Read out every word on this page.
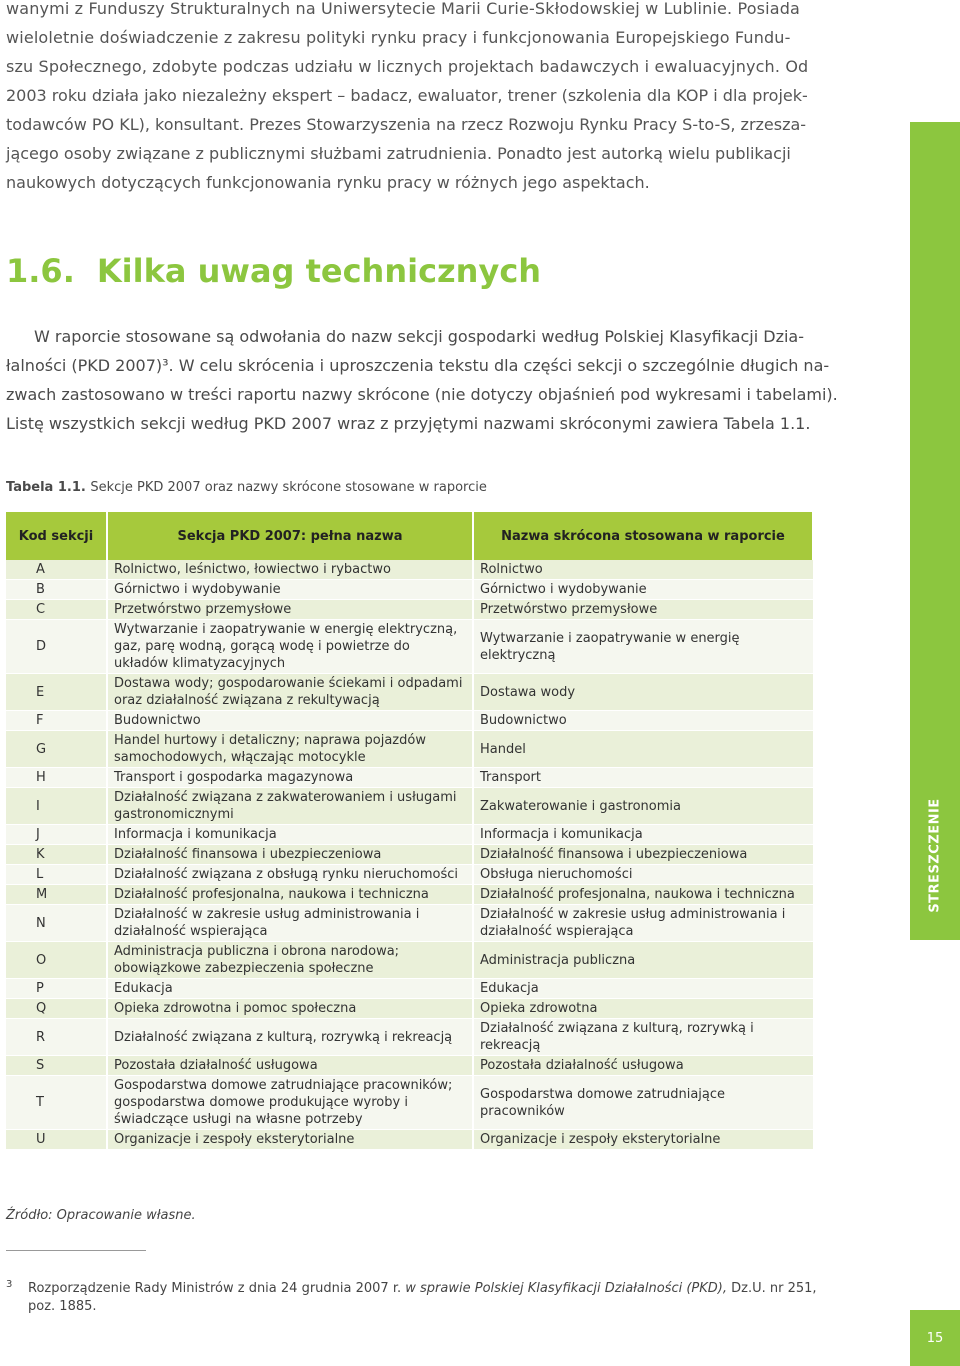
STRESZCZENIE

wanymi z Funduszy Strukturalnych na Uniwersytecie Marii Curie-Skłodowskiej w Lublinie. Posiada
wieloletnie doświadczenie z zakresu polityki rynku pracy i funkcjonowania Europejskiego Fundu-
szu Społecznego, zdobyte podczas udziału w licznych projektach badawczych i ewaluacyjnych. Od
2003 roku działa jako niezależny ekspert – badacz, ewaluator, trener (szkolenia dla KOP i dla projek-
todawców PO KL), konsultant. Prezes Stowarzyszenia na rzecz Rozwoju Rynku Pracy S-to-S, zrzesza-
jącego osoby związane z publicznymi służbami zatrudnienia. Ponadto jest autorką wielu publikacji
naukowych dotyczących funkcjonowania rynku pracy w różnych jego aspektach.

1.6. Kilka uwag technicznych

W raporcie stosowane są odwołania do nazw sekcji gospodarki według Polskiej Klasyfikacji Dzia-
łalności (PKD 2007)³. W celu skrócenia i uproszczenia tekstu dla części sekcji o szczególnie długich na-
zwach zastosowano w treści raportu nazwy skrócone (nie dotyczy objaśnień pod wykresami i tabelami).
Listę wszystkich sekcji według PKD 2007 wraz z przyjętymi nazwami skróconymi zawiera Tabela 1.1.

Tabela 1.1. Sekcje PKD 2007 oraz nazwy skrócone stosowane w raporcie

Kod sekcji	Sekcja PKD 2007: pełna nazwa	Nazwa skrócona stosowana w raporcie
A	Rolnictwo, leśnictwo, łowiectwo i rybactwo	Rolnictwo
B	Górnictwo i wydobywanie	Górnictwo i wydobywanie
C	Przetwórstwo przemysłowe	Przetwórstwo przemysłowe
D	Wytwarzanie i zaopatrywanie w energię elektryczną, gaz, parę wodną, gorącą wodę i powietrze do układów klimatyzacyjnych	Wytwarzanie i zaopatrywanie w energię elektryczną
E	Dostawa wody; gospodarowanie ściekami i odpadami oraz działalność związana z rekultywacją	Dostawa wody
F	Budownictwo	Budownictwo
G	Handel hurtowy i detaliczny; naprawa pojazdów samochodowych, włączając motocykle	Handel
H	Transport i gospodarka magazynowa	Transport
I	Działalność związana z zakwaterowaniem i usługami gastronomicznymi	Zakwaterowanie i gastronomia
J	Informacja i komunikacja	Informacja i komunikacja
K	Działalność finansowa i ubezpieczeniowa	Działalność finansowa i ubezpieczeniowa
L	Działalność związana z obsługą rynku nieruchomości	Obsługa nieruchomości
M	Działalność profesjonalna, naukowa i techniczna	Działalność profesjonalna, naukowa i techniczna
N	Działalność w zakresie usług administrowania i działalność wspierająca	Działalność w zakresie usług administrowania i działalność wspierająca
O	Administracja publiczna i obrona narodowa; obowiązkowe zabezpieczenia społeczne	Administracja publiczna
P	Edukacja	Edukacja
Q	Opieka zdrowotna i pomoc społeczna	Opieka zdrowotna
R	Działalność związana z kulturą, rozrywką i rekreacją	Działalność związana z kulturą, rozrywką i rekreacją
S	Pozostała działalność usługowa	Pozostała działalność usługowa
T	Gospodarstwa domowe zatrudniające pracowników; gospodarstwa domowe produkujące wyroby i świadczące usługi na własne potrzeby	Gospodarstwa domowe zatrudniające pracowników
U	Organizacje i zespoły eksterytorialne	Organizacje i zespoły eksterytorialne

Źródło: Opracowanie własne.

3	Rozporządzenie Rady Ministrów z dnia 24 grudnia 2007 r. w sprawie Polskiej Klasyfikacji Działalności (PKD), Dz.U. nr 251, poz. 1885.

15
